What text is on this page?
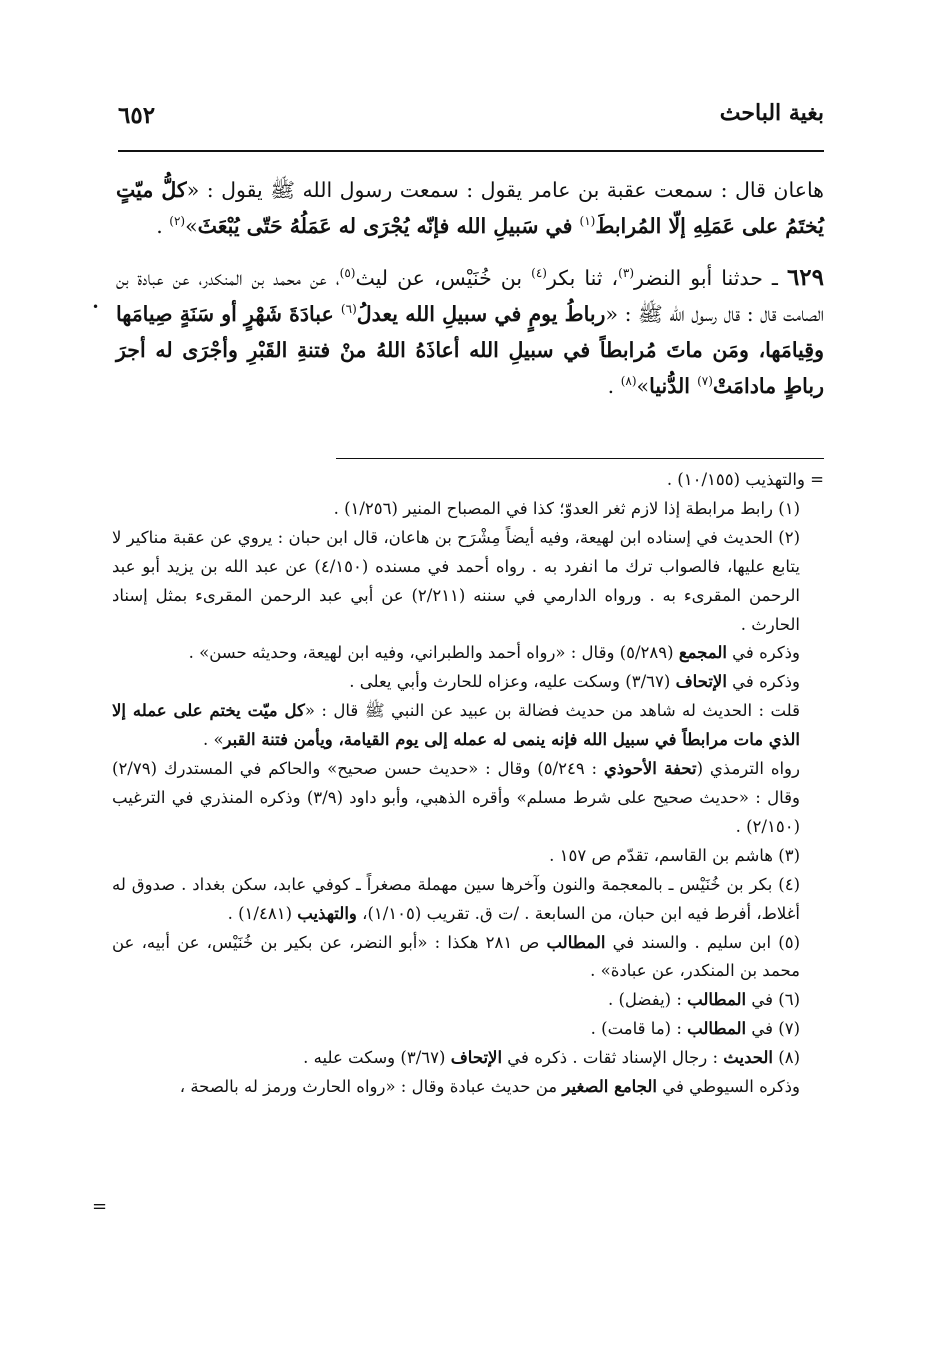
بغية الباحث
٦٥٢

هاعان قال : سمعت عقبة بن عامر يقول : سمعت رسول الله ﷺ يقول : «كلُّ ميّتٍ يُختَمُ على عَمَلِهِ إلّا المُرابطَ$^{(١)}$ في سَبيلِ الله فإنّه يُجْرَى له عَمَلُهُ حَتّى يُبْعَثَ»$^{(٢)}$ .

٦٢٩ ـ حدثنا أبو النضر$^{(٣)}$، ثنا بكر$^{(٤)}$ بن خُنَيْس، عن ليث$^{(٥)}$، عن محمد بن المنكدر، عن عبادة بن الصامت قال : قال رسول الله ﷺ : «رباطُ يومٍ في سبيلِ الله يعدلُ$^{(٦)}$ عبادَةَ شَهْرٍ أو سَنَةٍ صِيامَها وقِيامَها، ومَن ماتَ مُرابطاً في سبيلِ الله أعاذَهُ اللهُ منْ فتنةِ القَبْرِ وأجْرَى له أجرَ رباطٍ مادامَتْ$^{(٧)}$ الدُّنيا»$^{(٨)}$ .

•

= والتهذيب (١٠/١٥٥) .

(١) رابط مرابطة إذا لازم ثغر العدوّ؛ كذا في المصباح المنير (١/٢٥٦) .

(٢) الحديث في إسناده ابن لهيعة، وفيه أيضاً مِشْرَح بن هاعان، قال ابن حبان : يروي عن عقبة مناكير لا يتابع عليها، فالصواب ترك ما انفرد به . رواه أحمد في مسنده (٤/١٥٠) عن عبد الله بن يزيد أبو عبد الرحمن المقرىء به . ورواه الدارمي في سننه (٢/٢١١) عن أبي عبد الرحمن المقرىء بمثل إسناد الحارث .

وذكره في المجمع (٥/٢٨٩) وقال : «رواه أحمد والطبراني، وفيه ابن لهيعة، وحديثه حسن» .

وذكره في الإتحاف (٣/٦٧) وسكت عليه، وعزاه للحارث وأبي يعلى .

قلت : الحديث له شاهد من حديث فضالة بن عبيد عن النبي ﷺ قال : «كل ميّت يختم على عمله إلا الذي مات مرابطاً في سبيل الله فإنه ينمى له عمله إلى يوم القيامة، ويأمن فتنة القبر» .

رواه الترمذي (تحفة الأحوذي : ٥/٢٤٩) وقال : «حديث حسن صحيح» والحاكم في المستدرك (٢/٧٩) وقال : «حديث صحيح على شرط مسلم» وأقره الذهبي، وأبو داود (٣/٩) وذكره المنذري في الترغيب (٢/١٥٠) .

(٣) هاشم بن القاسم، تقدّم ص ١٥٧ .

(٤) بكر بن خُنَيْس ـ بالمعجمة والنون وآخرها سين مهملة مصغراً ـ كوفي عابد، سكن بغداد . صدوق له أغلاط، أفرط فيه ابن حبان، من السابعة . /ت ق. تقريب (١/١٠٥)، والتهذيب (١/٤٨١) .

(٥) ابن سليم . والسند في المطالب ص ٢٨١ هكذا : «أبو النضر، عن بكير بن خُنَيْس، عن أبيه، عن محمد بن المنكدر، عن عبادة» .

(٦) في المطالب : (يفضل) .

(٧) في المطالب : (ما قامت) .

(٨) الحديث : رجال الإسناد ثقات . ذكره في الإتحاف (٣/٦٧) وسكت عليه .

وذكره السيوطي في الجامع الصغير من حديث عبادة وقال : «رواه الحارث ورمز له بالصحة ،

=
